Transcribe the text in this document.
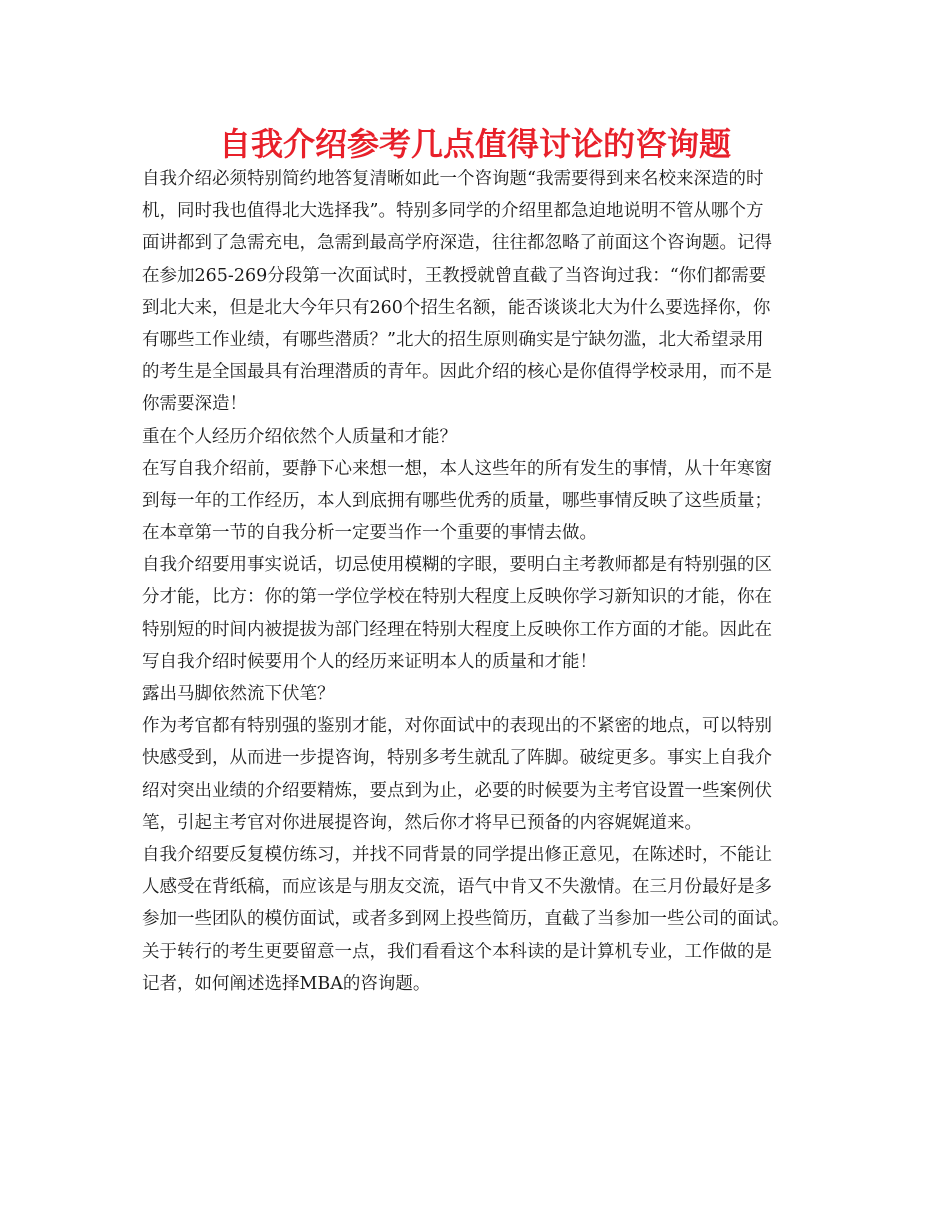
自我介绍参考几点值得讨论的咨询题
自我介绍必须特别简约地答复清晰如此一个咨询题“我需要得到来名校来深造的时
机，同时我也值得北大选择我”。特别多同学的介绍里都急迫地说明不管从哪个方
面讲都到了急需充电，急需到最高学府深造，往往都忽略了前面这个咨询题。记得
在参加265-269分段第一次面试时，王教授就曾直截了当咨询过我：“你们都需要
到北大来，但是北大今年只有260个招生名额，能否谈谈北大为什么要选择你，你
有哪些工作业绩，有哪些潜质？”北大的招生原则确实是宁缺勿滥，北大希望录用
的考生是全国最具有治理潜质的青年。因此介绍的核心是你值得学校录用，而不是
你需要深造！
重在个人经历介绍依然个人质量和才能？
在写自我介绍前，要静下心来想一想，本人这些年的所有发生的事情，从十年寒窗
到每一年的工作经历，本人到底拥有哪些优秀的质量，哪些事情反映了这些质量；
在本章第一节的自我分析一定要当作一个重要的事情去做。
自我介绍要用事实说话，切忌使用模糊的字眼，要明白主考教师都是有特别强的区
分才能，比方：你的第一学位学校在特别大程度上反映你学习新知识的才能，你在
特别短的时间内被提拔为部门经理在特别大程度上反映你工作方面的才能。因此在
写自我介绍时候要用个人的经历来证明本人的质量和才能！
露出马脚依然流下伏笔？
作为考官都有特别强的鉴别才能，对你面试中的表现出的不紧密的地点，可以特别
快感受到，从而进一步提咨询，特别多考生就乱了阵脚。破绽更多。事实上自我介
绍对突出业绩的介绍要精炼，要点到为止，必要的时候要为主考官设置一些案例伏
笔，引起主考官对你进展提咨询，然后你才将早已预备的内容娓娓道来。
自我介绍要反复模仿练习，并找不同背景的同学提出修正意见，在陈述时，不能让
人感受在背纸稿，而应该是与朋友交流，语气中肯又不失激情。在三月份最好是多
参加一些团队的模仿面试，或者多到网上投些简历，直截了当参加一些公司的面试。
关于转行的考生更要留意一点，我们看看这个本科读的是计算机专业，工作做的是
记者，如何阐述选择MBA的咨询题。
